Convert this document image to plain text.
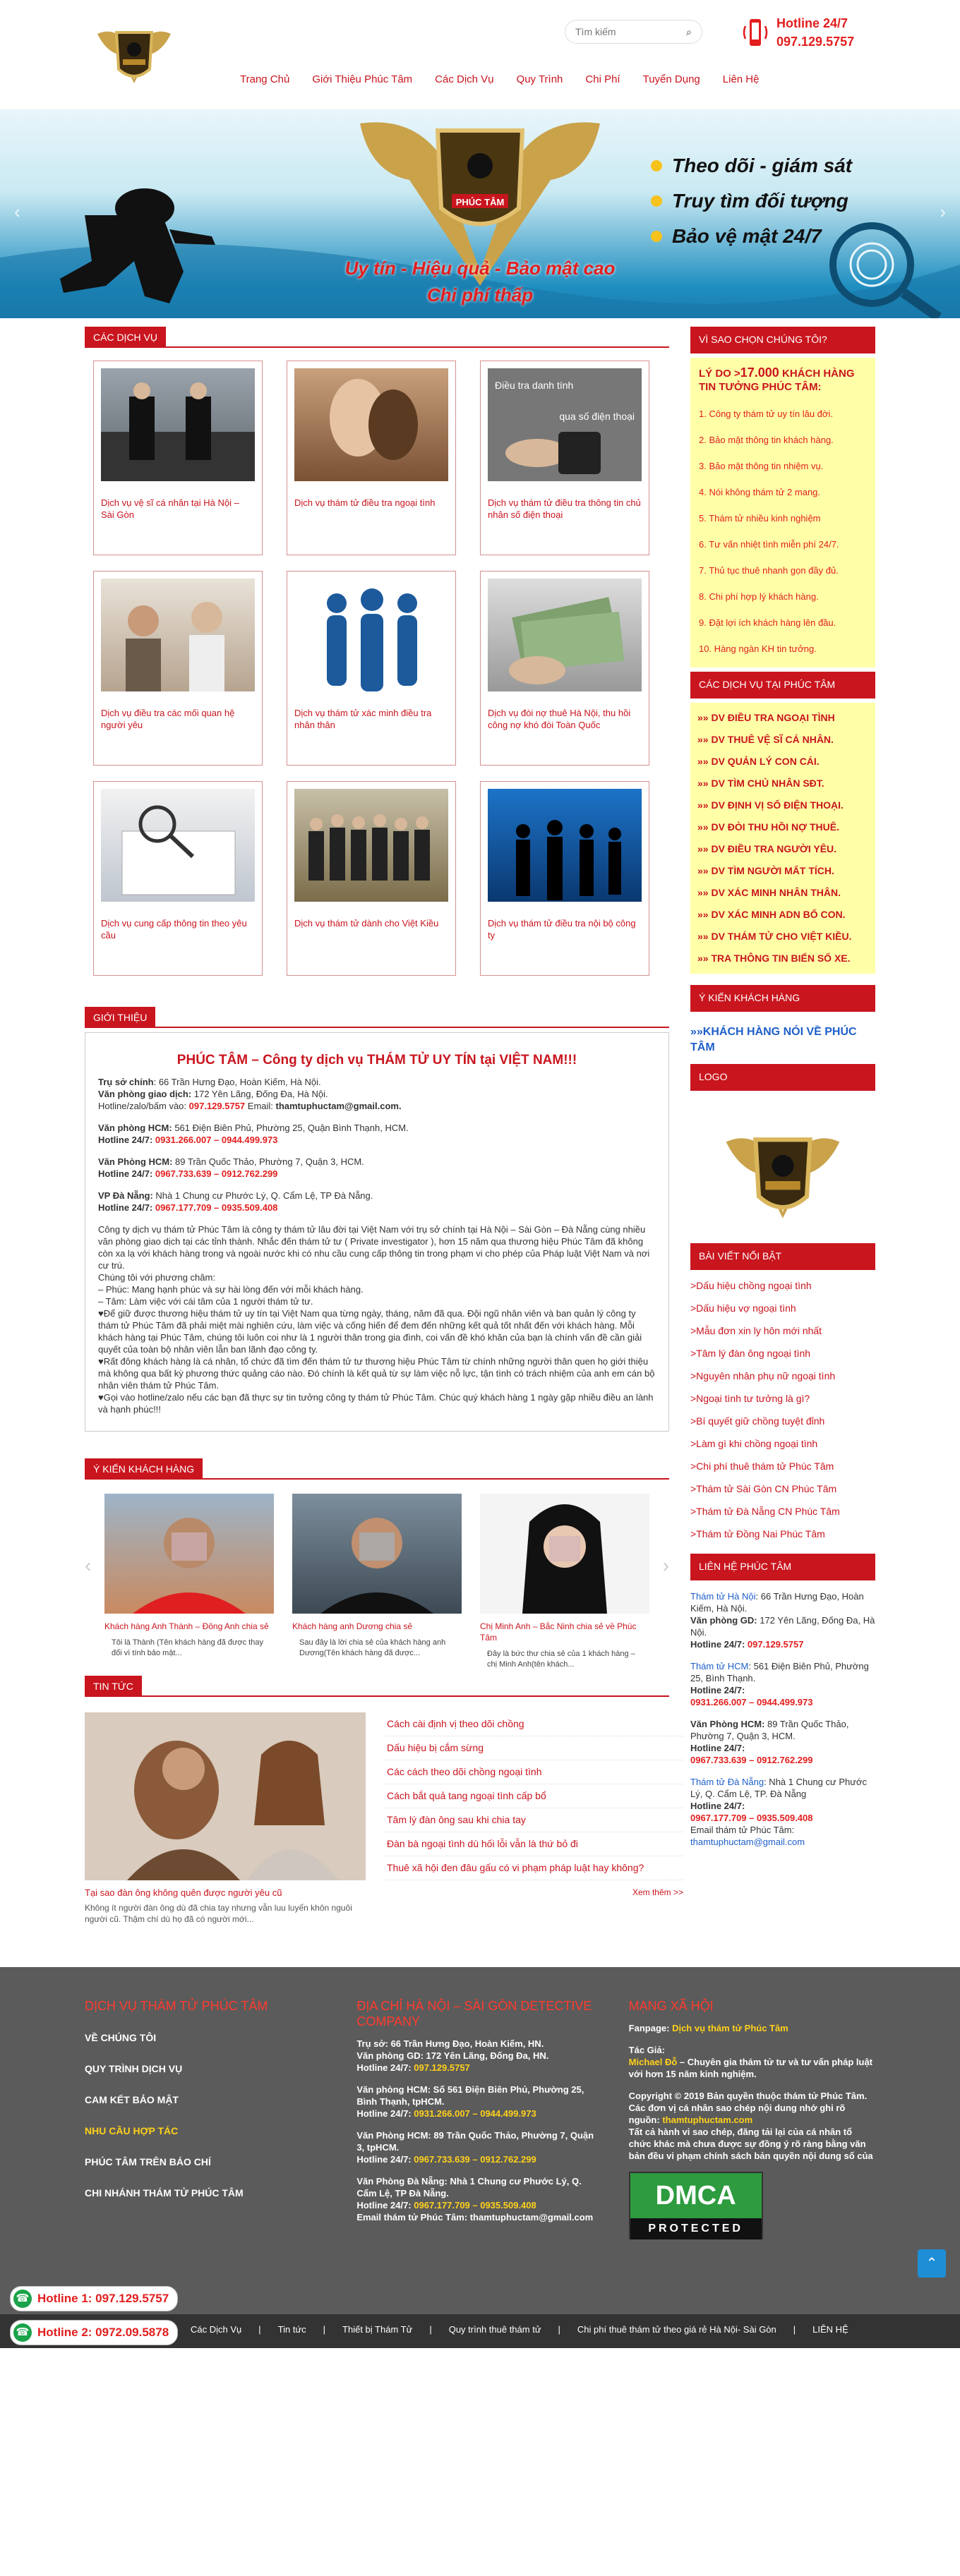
Tìm kiếm
⌕
Hotline 24/7
097.129.5757
Trang Chủ Giới Thiệu Phúc Tâm Các Dịch Vụ Quy Trình Chi Phí Tuyển Dụng Liên Hệ
PHÚC TÂM
Uy tín - Hiệu quả - Bảo mật cao
Chi phí thấp
Theo dõi - giám sát
Truy tìm đối tượng
Bảo vệ mật 24/7
‹	›
CÁC DỊCH VỤ
Dịch vụ vệ sĩ cá nhân tại Hà Nội – Sài Gòn
Dịch vụ thám tử điều tra ngoại tình
Điều tra danh tính
qua số điện thoại
Dịch vụ thám tử điều tra thông tin chủ nhân số điện thoại
Dịch vụ điều tra các mối quan hệ người yêu
Dịch vụ thám tử xác minh điều tra nhân thân
Dịch vụ đòi nợ thuê Hà Nội, thu hồi công nợ khó đòi Toàn Quốc
Dịch vụ cung cấp thông tin theo yêu cầu
Dịch vụ thám tử dành cho Việt Kiều	Dịch vụ thám tử điều tra nội bộ công ty
GIỚI THIỆU
PHÚC TÂM – Công ty dịch vụ THÁM TỬ UY TÍN tại VIỆT NAM!!!

Trụ sở chính: 66 Trần Hưng Đạo, Hoàn Kiếm, Hà Nội.

Văn phòng giao dịch: 172 Yên Lãng, Đống Đa, Hà Nội.

Hotline/zalo/bấm vào: 097.129.5757 Email: thamtuphuctam@gmail.com.

Văn phòng HCM: 561 Điện Biên Phủ, Phường 25, Quận Bình Thạnh, HCM.

Hotline 24/7: 0931.266.007 – 0944.499.973

Văn Phòng HCM: 89 Trần Quốc Thảo, Phường 7, Quận 3, HCM.

Hotline 24/7: 0967.733.639 – 0912.762.299

VP Đà Nẵng: Nhà 1 Chung cư Phước Lý, Q. Cẩm Lệ, TP Đà Nẵng.

Hotline 24/7: 0967.177.709 – 0935.509.408

Công ty dịch vụ thám tử Phúc Tâm là công ty thám tử lâu đời tại Việt Nam với trụ sở chính tại Hà Nội – Sài Gòn – Đà Nẵng cùng nhiều văn phòng giao dịch tại các tỉnh thành. Nhắc đến thám tử tư ( Private investigator ), hơn 15 năm qua thương hiệu Phúc Tâm đã không còn xa lạ với khách hàng trong và ngoài nước khi có nhu cầu cung cấp thông tin trong phạm vi cho phép của Pháp luật Việt Nam và nơi cư trú.

Chúng tôi với phương châm:

– Phúc: Mang hạnh phúc và sự hài lòng đến với mỗi khách hàng.

– Tâm: Làm việc với cái tâm của 1 người thám tử tư.

♥Để giữ được thương hiệu thám tử uy tín tại Việt Nam qua từng ngày, tháng, năm đã qua. Đội ngũ nhân viên và ban quản lý công ty thám tử Phúc Tâm đã phải miệt mài nghiên cứu, làm việc và cống hiến để đem đến những kết quả tốt nhất đến với khách hàng. Mỗi khách hàng tại Phúc Tâm, chúng tôi luôn coi như là 1 người thân trong gia đình, coi vấn đề khó khăn của bạn là chính vấn đề cần giải quyết của toàn bộ nhân viên lẫn ban lãnh đạo công ty.

♥Rất đông khách hàng là cá nhân, tổ chức đã tìm đến thám tử tư thương hiệu Phúc Tâm từ chính những người thân quen họ giới thiệu mà không qua bất kỳ phương thức quảng cáo nào. Đó chính là kết quả từ sự làm việc nỗ lực, tận tình có trách nhiệm của anh em cán bộ nhân viên thám tử Phúc Tâm.

♥Gọi vào hotline/zalo nếu các bạn đã thực sự tin tưởng công ty thám tử Phúc Tâm. Chúc quý khách hàng 1 ngày gặp nhiều điều an lành và hạnh phúc!!!

Ý KIẾN KHÁCH HÀNG
‹
Khách hàng Anh Thành – Đông Anh chia sẻ
Tôi là Thành (Tên khách hàng đã được thay đổi vì tính bảo mật...
Khách hàng anh Dương chia sẻ
Sau đây là lời chia sẻ của khách hàng anh Dương(Tên khách hàng đã được...
Chị Minh Anh – Bắc Ninh chia sẻ về Phúc Tâm
Đây là bức thư chia sẻ của 1 khách hàng – chị Minh Anh(tên khách...
›
TIN TỨC
Tại sao đàn ông không quên được người yêu cũ
Không ít người đàn ông dù đã chia tay nhưng vẫn luu luyến khôn nguôi người cũ. Thậm chí dù họ đã có người mới...
Cách cài định vị theo dõi chồng
Dấu hiệu bị cắm sừng
Các cách theo dõi chồng ngoại tình
Cách bắt quả tang ngoại tình cấp bổ
Tâm lý đàn ông sau khi chia tay
Đàn bà ngoại tình dù hối lỗi vẫn là thứ bỏ đi
Thuê xã hội đen đâu gấu có vi phạm pháp luật hay không?
Xem thêm >>
VÌ SAO CHỌN CHÚNG TÔI?
LÝ DO >17.000 KHÁCH HÀNG TIN TƯỞNG PHÚC TÂM:
1. Công ty thám tử uy tín lâu đời.
2. Bảo mật thông tin khách hàng.
3. Bảo mật thông tin nhiệm vụ.
4. Nói không thám tử 2 mang.
5. Thám tử nhiều kinh nghiệm
6. Tư vấn nhiệt tình miễn phí 24/7.
7. Thủ tục thuê nhanh gọn đầy đủ.
8. Chi phí hợp lý khách hàng.
9. Đặt lợi ích khách hàng lên đầu.
10. Hàng ngàn KH tin tưởng.
CÁC DỊCH VỤ TẠI PHÚC TÂM
»» DV ĐIỀU TRA NGOẠI TÌNH
»» DV THUÊ VỆ SĨ CÁ NHÂN.
»» DV QUẢN LÝ CON CÁI.
»» DV TÌM CHỦ NHÂN SĐT.
»» DV ĐỊNH VỊ SỐ ĐIỆN THOẠI.
»» DV ĐÒI THU HỒI NỢ THUÊ.
»» DV ĐIỀU TRA NGƯỜI YÊU.
»» DV TÌM NGƯỜI MẤT TÍCH.
»» DV XÁC MINH NHÂN THÂN.
»» DV XÁC MINH ADN BỐ CON.
»» DV THÁM TỬ CHO VIỆT KIỀU.
»» TRA THÔNG TIN BIỂN SỐ XE.
Ý KIẾN KHÁCH HÀNG
»»KHÁCH HÀNG NÓI VỀ PHÚC TÂM
LOGO
BÀI VIẾT NỔI BẬT
>Dấu hiệu chồng ngoại tình
>Dấu hiệu vợ ngoại tình
>Mẫu đơn xin ly hôn mới nhất
>Tâm lý đàn ông ngoại tình
>Nguyên nhân phụ nữ ngoại tình
>Ngoại tình tư tưởng là gì?
>Bí quyết giữ chồng tuyệt đỉnh
>Làm gì khi chồng ngoại tình
>Chi phí thuê thám tử Phúc Tâm
>Thám tử Sài Gòn CN Phúc Tâm
>Thám tử Đà Nẵng CN Phúc Tâm
>Thám tử Đồng Nai Phúc Tâm
LIÊN HỆ PHÚC TÂM
Thám tử Hà Nội: 66 Trần Hưng Đạo, Hoàn Kiếm, Hà Nội.
Văn phòng GD: 172 Yên Lãng, Đống Đa, Hà Nội.
Hotline 24/7: 097.129.5757
Thám tử HCM: 561 Điện Biên Phủ, Phường 25, Bình Thạnh.
Hotline 24/7:
0931.266.007 – 0944.499.973
Văn Phòng HCM: 89 Trần Quốc Thảo, Phường 7, Quận 3, HCM.
Hotline 24/7:
0967.733.639 – 0912.762.299
Thám tử Đà Nẵng: Nhà 1 Chung cư Phước Lý, Q. Cẩm Lệ, TP. Đà Nẵng
Hotline 24/7:
0967.177.709 – 0935.509.408
Email thám tử Phúc Tâm:
thamtuphuctam@gmail.com
DỊCH VỤ THÁM TỬ PHÚC TÂM
VỀ CHÚNG TÔI
QUY TRÌNH DỊCH VỤ
CAM KẾT BẢO MẬT
NHU CẦU HỢP TÁC
PHÚC TÂM TRÊN BÁO CHÍ
CHI NHÁNH THÁM TỬ PHÚC TÂM
ĐỊA CHỈ HÀ NỘI – SÀI GÒN DETECTIVE COMPANY
Trụ sở: 66 Trần Hưng Đạo, Hoàn Kiếm, HN.
Văn phòng GD: 172 Yên Lãng, Đống Đa, HN.
Hotline 24/7: 097.129.5757
Văn phòng HCM: Số 561 Điện Biên Phủ, Phường 25, Bình Thạnh, tpHCM.
Hotline 24/7: 0931.266.007 – 0944.499.973
Văn Phòng HCM: 89 Trần Quốc Thảo, Phường 7, Quận 3, tpHCM.
Hotline 24/7: 0967.733.639 – 0912.762.299
Văn Phòng Đà Nẵng: Nhà 1 Chung cư Phước Lý, Q. Cẩm Lệ, TP Đà Nẵng.
Hotline 24/7: 0967.177.709 – 0935.509.408
Email thám tử Phúc Tâm: thamtuphuctam@gmail.com
MẠNG XÃ HỘI
Fanpage: Dịch vụ thám tử Phúc Tâm
Tác Giả:
Michael Đỗ – Chuyên gia thám tử tư và tư vấn pháp luật với hơn 15 năm kinh nghiệm.
Copyright © 2019 Bản quyền thuộc thám tử Phúc Tâm. Các đơn vị cá nhân sao chép nội dung nhớ ghi rõ nguồn: thamtuphuctam.com
Tất cả hành vi sao chép, đăng tải lại của cá nhân tổ chức khác mà chưa được sự đồng ý rõ ràng bằng văn bản đều vi phạm chính sách bản quyền nội dung số của
DMCA
PROTECTED
⌃
☎ Hotline 1: 097.129.5757
Các Dịch Vụ | Tin tức | Thiết bị Thám Tử | Quy trình thuê thám tử | Chi phí thuê thám tử theo giá rẻ Hà Nội- Sài Gòn | LIÊN HỆ
☎ Hotline 2: 0972.09.5878
